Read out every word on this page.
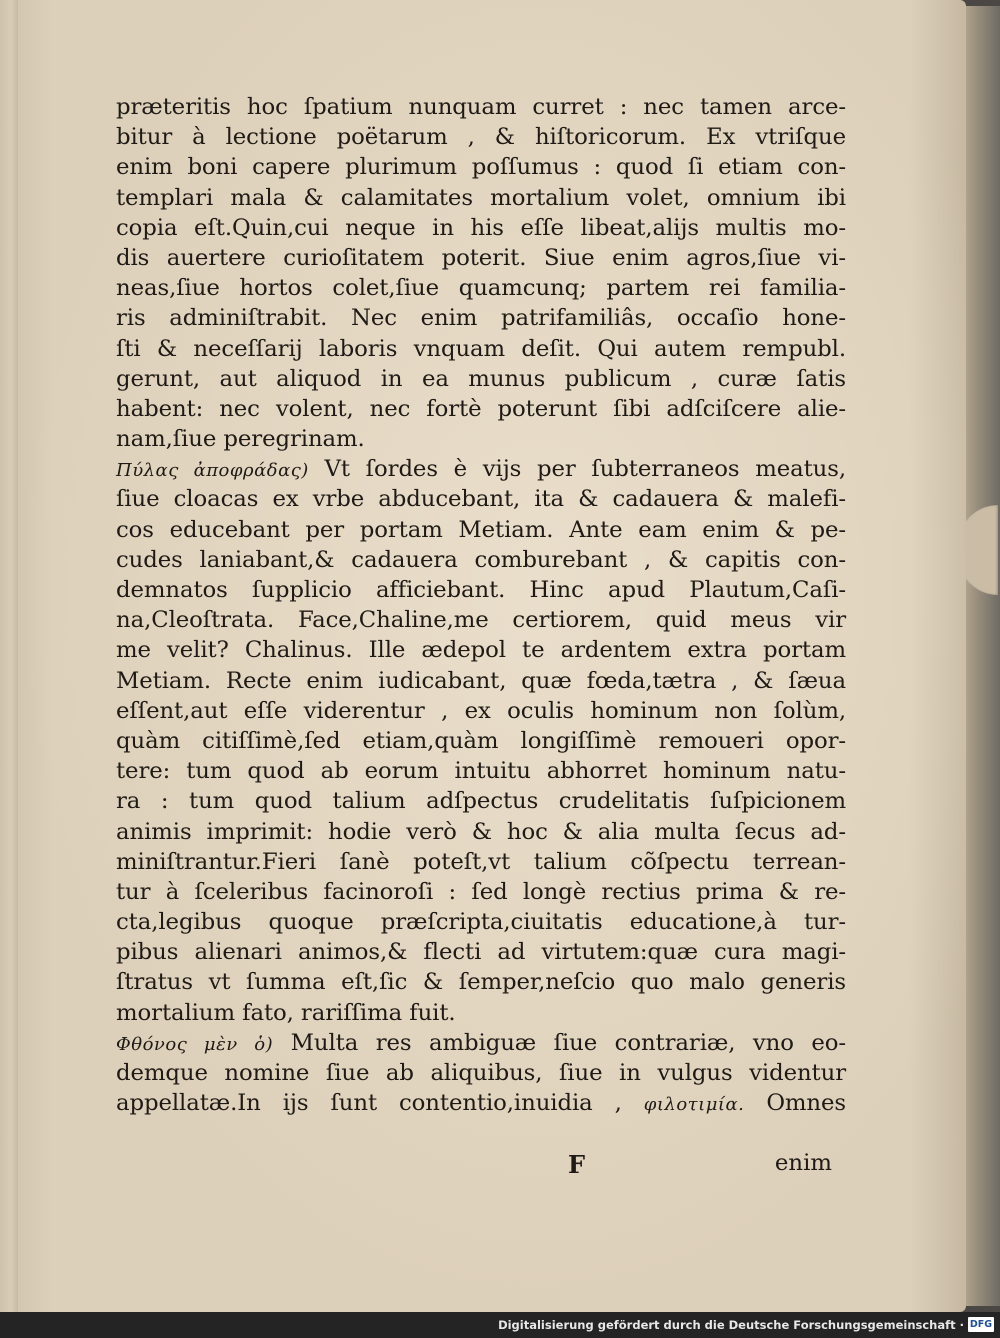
prӕteritis hoc ſpatium nunquam curret : nec tamen arce-
bitur à lectione poëtarum , & hiſtoricorum. Ex vtriſque
enim boni capere plurimum poſſumus : quod ſi etiam con-
templari mala & calamitates mortalium volet, omnium ibi
copia eſt.Quin,cui neque in his eſſe libeat,alijs multis mo-
dis auertere curioſitatem poterit. Siue enim agros,ſiue vi-
neas,ſiue hortos colet,ſiue quamcunq; partem rei familia-
ris adminiſtrabit. Nec enim patrifamiliâs, occaſio hone-
ſti & neceſſarij laboris vnquam deſit. Qui autem rempubl.
gerunt, aut aliquod in ea munus publicum , curӕ ſatis
habent: nec volent, nec fortè poterunt ſibi adſciſcere alie-
nam,ſiue peregrinam.
Πύλας ἀποφράδας) Vt ſordes è vijs per ſubterraneos meatus,
ſiue cloacas ex vrbe abducebant, ita & cadauera & malefi-
cos educebant per portam Metiam. Ante eam enim & pe-
cudes laniabant,& cadauera comburebant , & capitis con-
demnatos ſupplicio afficiebant. Hinc apud Plautum,Caſi-
na,Cleoſtrata. Face,Chaline,me certiorem, quid meus vir
me velit? Chalinus. Ille ӕdepol te ardentem extra portam
Metiam. Recte enim iudicabant, quӕ fœda,tӕtra , & ſӕua
eſſent,aut eſſe viderentur , ex oculis hominum non ſolùm,
quàm citiſſimè,ſed etiam,quàm longiſſimè remoueri opor-
tere: tum quod ab eorum intuitu abhorret hominum natu-
ra : tum quod talium adſpectus crudelitatis ſuſpicionem
animis imprimit: hodie verò & hoc & alia multa ſecus ad-
miniſtrantur.Fieri ſanè poteſt,vt talium cõſpectu terrean-
tur à ſceleribus facinoroſi : ſed longè rectius prima & re-
cta,legibus quoque prӕſcripta,ciuitatis educatione,à tur-
pibus alienari animos,& flecti ad virtutem:quӕ cura magi-
ſtratus vt ſumma eſt,ſic & ſemper,neſcio quo malo generis
mortalium fato, rariſſima fuit.
Φθόνος μὲν ὁ) Multa res ambiguӕ ſiue contrariӕ, vno eo-
demque nomine ſiue ab aliquibus, ſiue in vulgus videntur
appellatӕ.In ijs ſunt contentio,inuidia , φιλοτιμία. Omnes
F	enim
Digitalisierung gefördert durch die Deutsche Forschungsgemeinschaft · DFG
